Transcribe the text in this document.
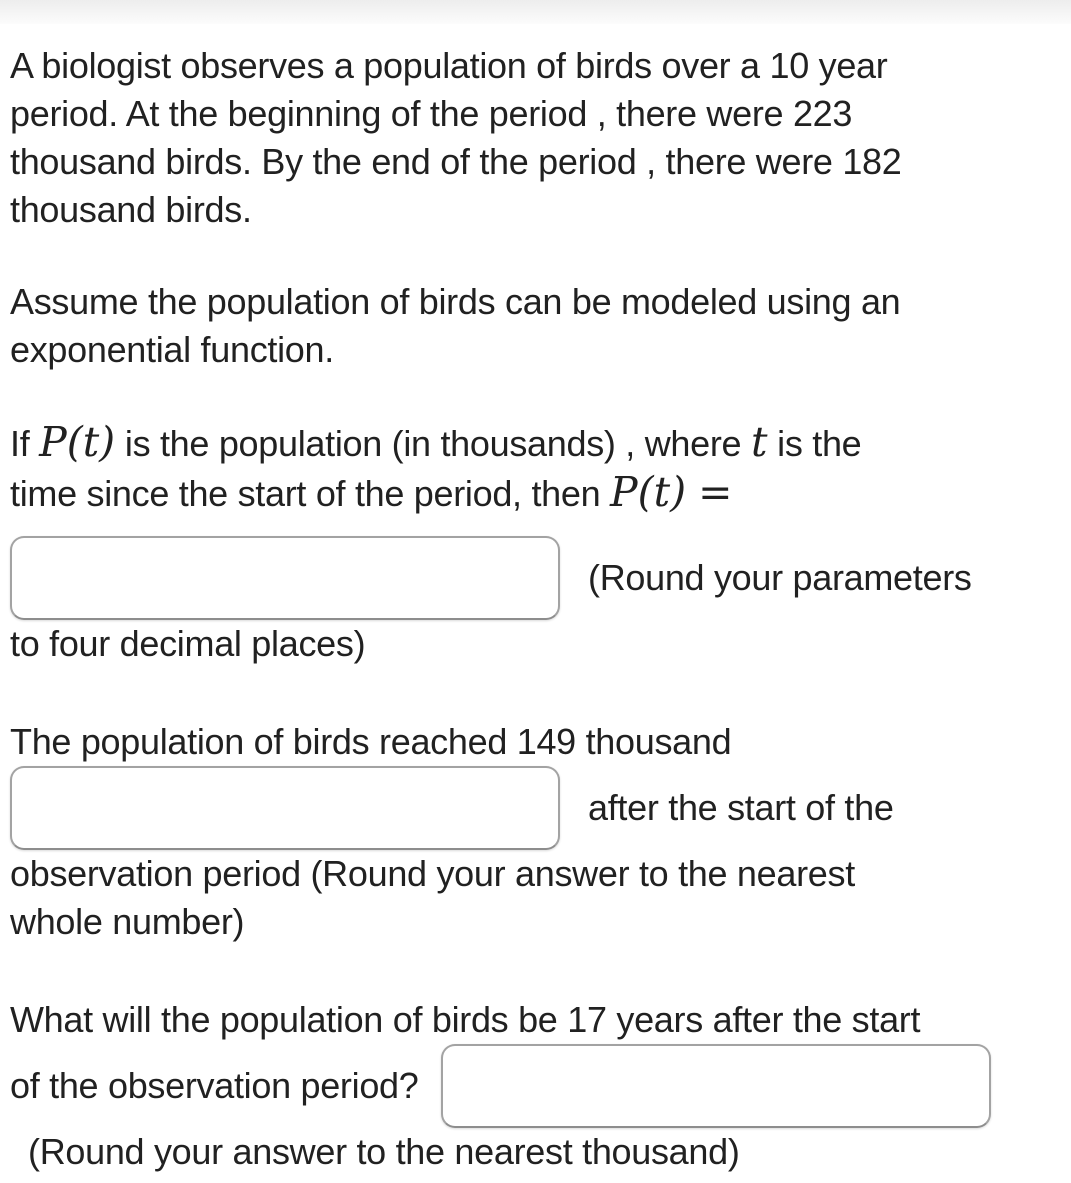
A biologist observes a population of birds over a 10 year
period. At the beginning of the period , there were 223
thousand birds. By the end of the period , there were 182
thousand birds.
Assume the population of birds can be modeled using an
exponential function.
If P(t) is the population (in thousands) , where t is the
time since the start of the period, then P(t) =
(Round your parameters
to four decimal places)
The population of birds reached 149 thousand
after the start of the
observation period (Round your answer to the nearest
whole number)
What will the population of birds be 17 years after the start
of the observation period?
(Round your answer to the nearest thousand)
